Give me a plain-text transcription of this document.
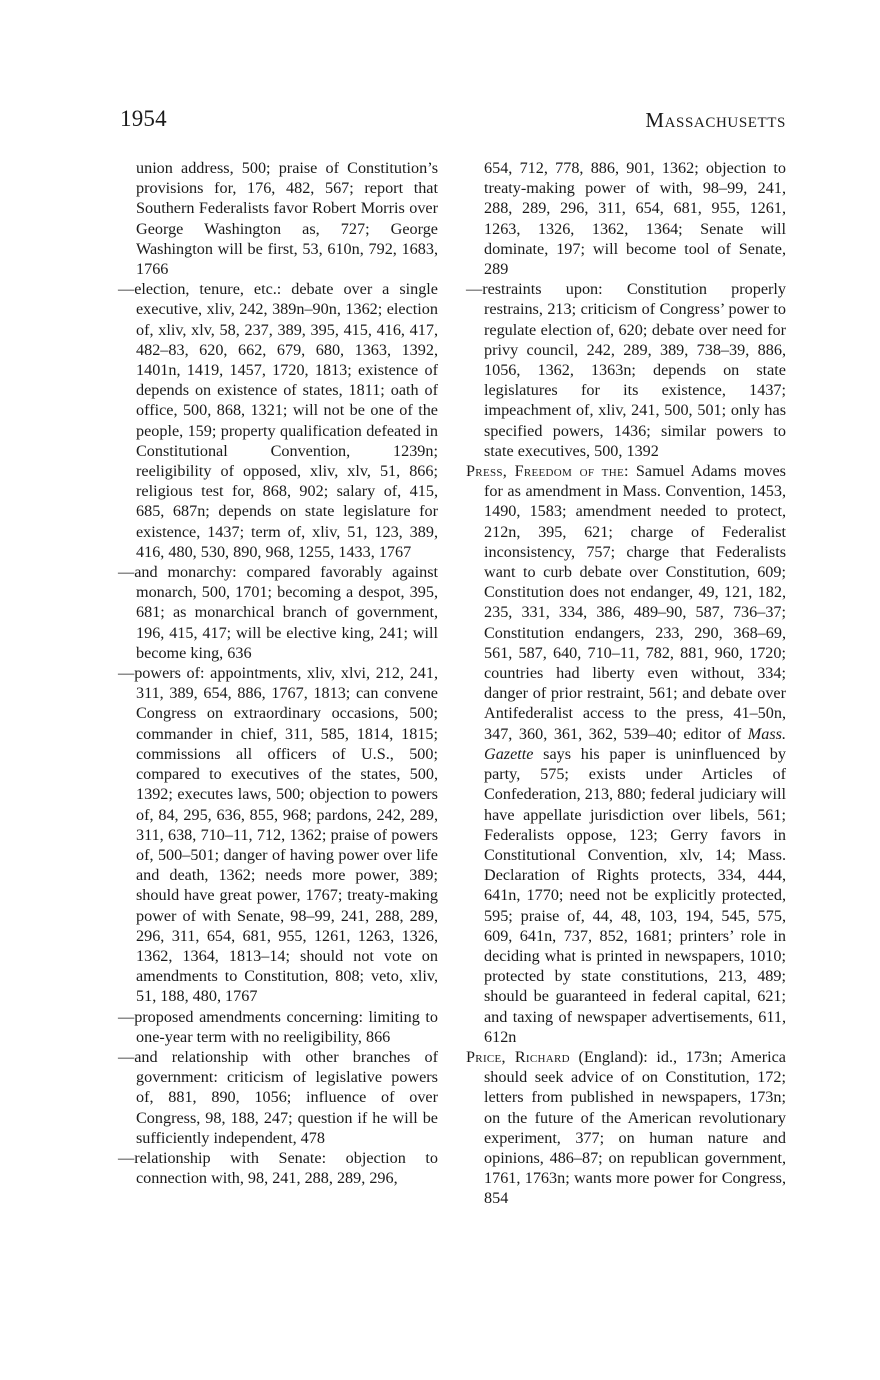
1954	Massachusetts

union address, 500; praise of Constitution’s provisions for, 176, 482, 567; report that Southern Federalists favor Robert Morris over George Washington as, 727; George Washington will be first, 53, 610n, 792, 1683, 1766

—election, tenure, etc.: debate over a single executive, xliv, 242, 389n–90n, 1362; election of, xliv, xlv, 58, 237, 389, 395, 415, 416, 417, 482–83, 620, 662, 679, 680, 1363, 1392, 1401n, 1419, 1457, 1720, 1813; existence of depends on existence of states, 1811; oath of office, 500, 868, 1321; will not be one of the people, 159; property qualification defeated in Constitutional Convention, 1239n; reeligibility of opposed, xliv, xlv, 51, 866; religious test for, 868, 902; salary of, 415, 685, 687n; depends on state legislature for existence, 1437; term of, xliv, 51, 123, 389, 416, 480, 530, 890, 968, 1255, 1433, 1767

—and monarchy: compared favorably against monarch, 500, 1701; becoming a despot, 395, 681; as monarchical branch of government, 196, 415, 417; will be elective king, 241; will become king, 636

—powers of: appointments, xliv, xlvi, 212, 241, 311, 389, 654, 886, 1767, 1813; can convene Congress on extraordinary occasions, 500; commander in chief, 311, 585, 1814, 1815; commissions all officers of U.S., 500; compared to executives of the states, 500, 1392; executes laws, 500; objection to powers of, 84, 295, 636, 855, 968; pardons, 242, 289, 311, 638, 710–11, 712, 1362; praise of powers of, 500–501; danger of having power over life and death, 1362; needs more power, 389; should have great power, 1767; treaty-making power of with Senate, 98–99, 241, 288, 289, 296, 311, 654, 681, 955, 1261, 1263, 1326, 1362, 1364, 1813–14; should not vote on amendments to Constitution, 808; veto, xliv, 51, 188, 480, 1767

—proposed amendments concerning: limiting to one-year term with no reeligibility, 866

—and relationship with other branches of government: criticism of legislative powers of, 881, 890, 1056; influence of over Congress, 98, 188, 247; question if he will be sufficiently independent, 478

—relationship with Senate: objection to connection with, 98, 241, 288, 289, 296,

654, 712, 778, 886, 901, 1362; objection to treaty-making power of with, 98–99, 241, 288, 289, 296, 311, 654, 681, 955, 1261, 1263, 1326, 1362, 1364; Senate will dominate, 197; will become tool of Senate, 289

—restraints upon: Constitution properly restrains, 213; criticism of Congress’ power to regulate election of, 620; debate over need for privy council, 242, 289, 389, 738–39, 886, 1056, 1362, 1363n; depends on state legislatures for its existence, 1437; impeachment of, xliv, 241, 500, 501; only has specified powers, 1436; similar powers to state executives, 500, 1392

Press, Freedom of the: Samuel Adams moves for as amendment in Mass. Convention, 1453, 1490, 1583; amendment needed to protect, 212n, 395, 621; charge of Federalist inconsistency, 757; charge that Federalists want to curb debate over Constitution, 609; Constitution does not endanger, 49, 121, 182, 235, 331, 334, 386, 489–90, 587, 736–37; Constitution endangers, 233, 290, 368–69, 561, 587, 640, 710–11, 782, 881, 960, 1720; countries had liberty even without, 334; danger of prior restraint, 561; and debate over Antifederalist access to the press, 41–50n, 347, 360, 361, 362, 539–40; editor of Mass. Gazette says his paper is uninfluenced by party, 575; exists under Articles of Confederation, 213, 880; federal judiciary will have appellate jurisdiction over libels, 561; Federalists oppose, 123; Gerry favors in Constitutional Convention, xlv, 14; Mass. Declaration of Rights protects, 334, 444, 641n, 1770; need not be explicitly protected, 595; praise of, 44, 48, 103, 194, 545, 575, 609, 641n, 737, 852, 1681; printers’ role in deciding what is printed in newspapers, 1010; protected by state constitutions, 213, 489; should be guaranteed in federal capital, 621; and taxing of newspaper advertisements, 611, 612n

Price, Richard (England): id., 173n; America should seek advice of on Constitution, 172; letters from published in newspapers, 173n; on the future of the American revolutionary experiment, 377; on human nature and opinions, 486–87; on republican government, 1761, 1763n; wants more power for Congress, 854
